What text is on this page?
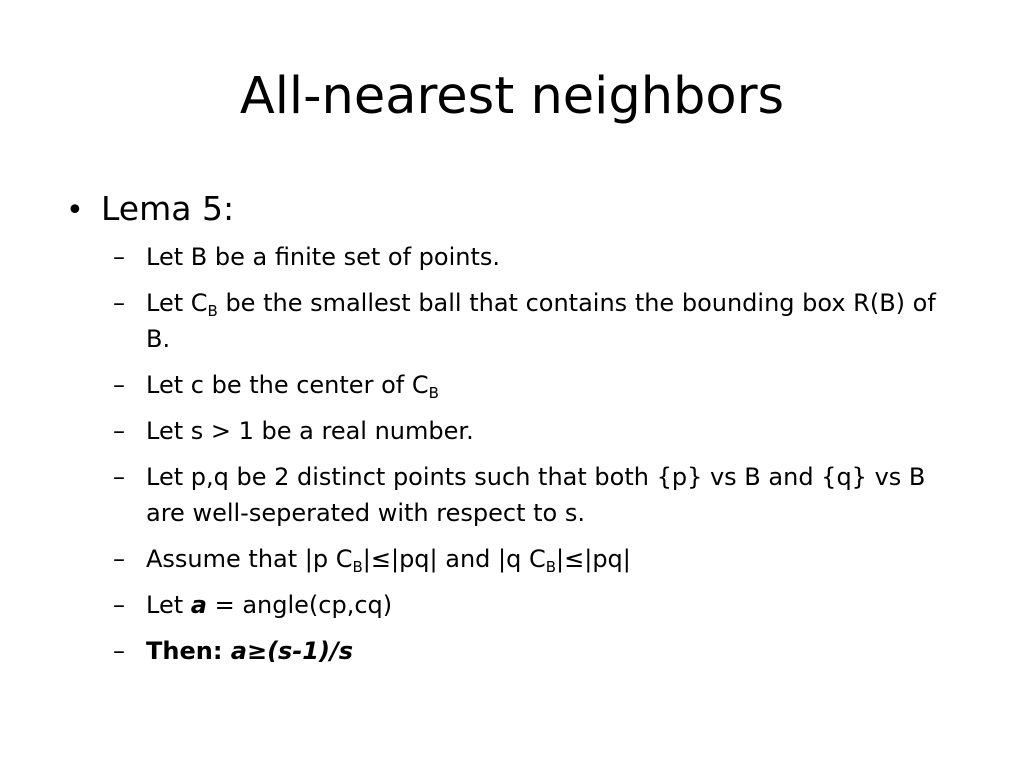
All-nearest neighbors
• Lema 5:
– Let B be a finite set of points.
– Let $C_B$ be the smallest ball that contains the bounding box R(B) of B.
– Let c be the center of $C_B$
– Let s > 1 be a real number.
– Let p,q be 2 distinct points such that both {p} vs B and {q} vs B are well-seperated with respect to s.
– Assume that |p $C_B|\le|pq|$ and |q $C_B|\le|pq|$
– Let a = angle(cp,cq)
– Then: a≥(s-1)/s
